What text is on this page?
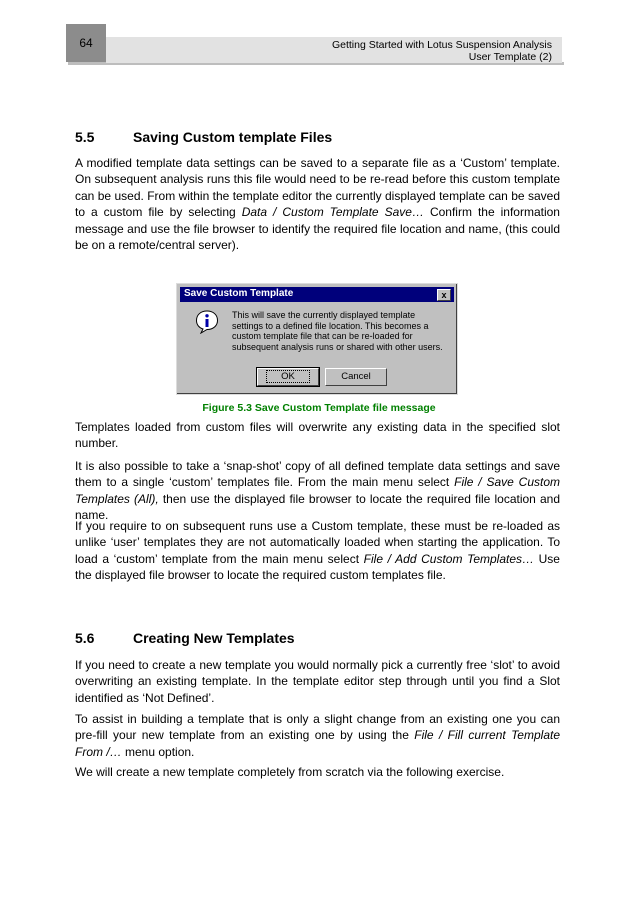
Getting Started with Lotus Suspension Analysis
User Template (2)
64
5.5	Saving Custom template Files
A modified template data settings can be saved to a separate file as a ‘Custom’ template. On subsequent analysis runs this file would need to be re-read before this custom template can be used. From within the template editor the currently displayed template can be saved to a custom file by selecting Data / Custom Template Save… Confirm the information message and use the file browser to identify the required file location and name, (this could be on a remote/central server).
Save Custom Template	x
This will save the currently displayed template settings to a defined file location. This becomes a custom template file that can be re-loaded for subsequent analysis runs or shared with other users.
OK	Cancel
Figure 5.3 Save Custom Template file message
Templates loaded from custom files will overwrite any existing data in the specified slot number.
It is also possible to take a ‘snap-shot’ copy of all defined template data settings and save them to a single ‘custom’ templates file. From the main menu select File / Save Custom Templates (All), then use the displayed file browser to locate the required file location and name.
If you require to on subsequent runs use a Custom template, these must be re-loaded as unlike ‘user’ templates they are not automatically loaded when starting the application. To load a ‘custom’ template from the main menu select File / Add Custom Templates… Use the displayed file browser to locate the required custom templates file.
5.6	Creating New Templates
If you need to create a new template you would normally pick a currently free ‘slot’ to avoid overwriting an existing template. In the template editor step through until you find a Slot identified as ‘Not Defined’.
To assist in building a template that is only a slight change from an existing one you can pre-fill your new template from an existing one by using the File / Fill current Template From /… menu option.
We will create a new template completely from scratch via the following exercise.
